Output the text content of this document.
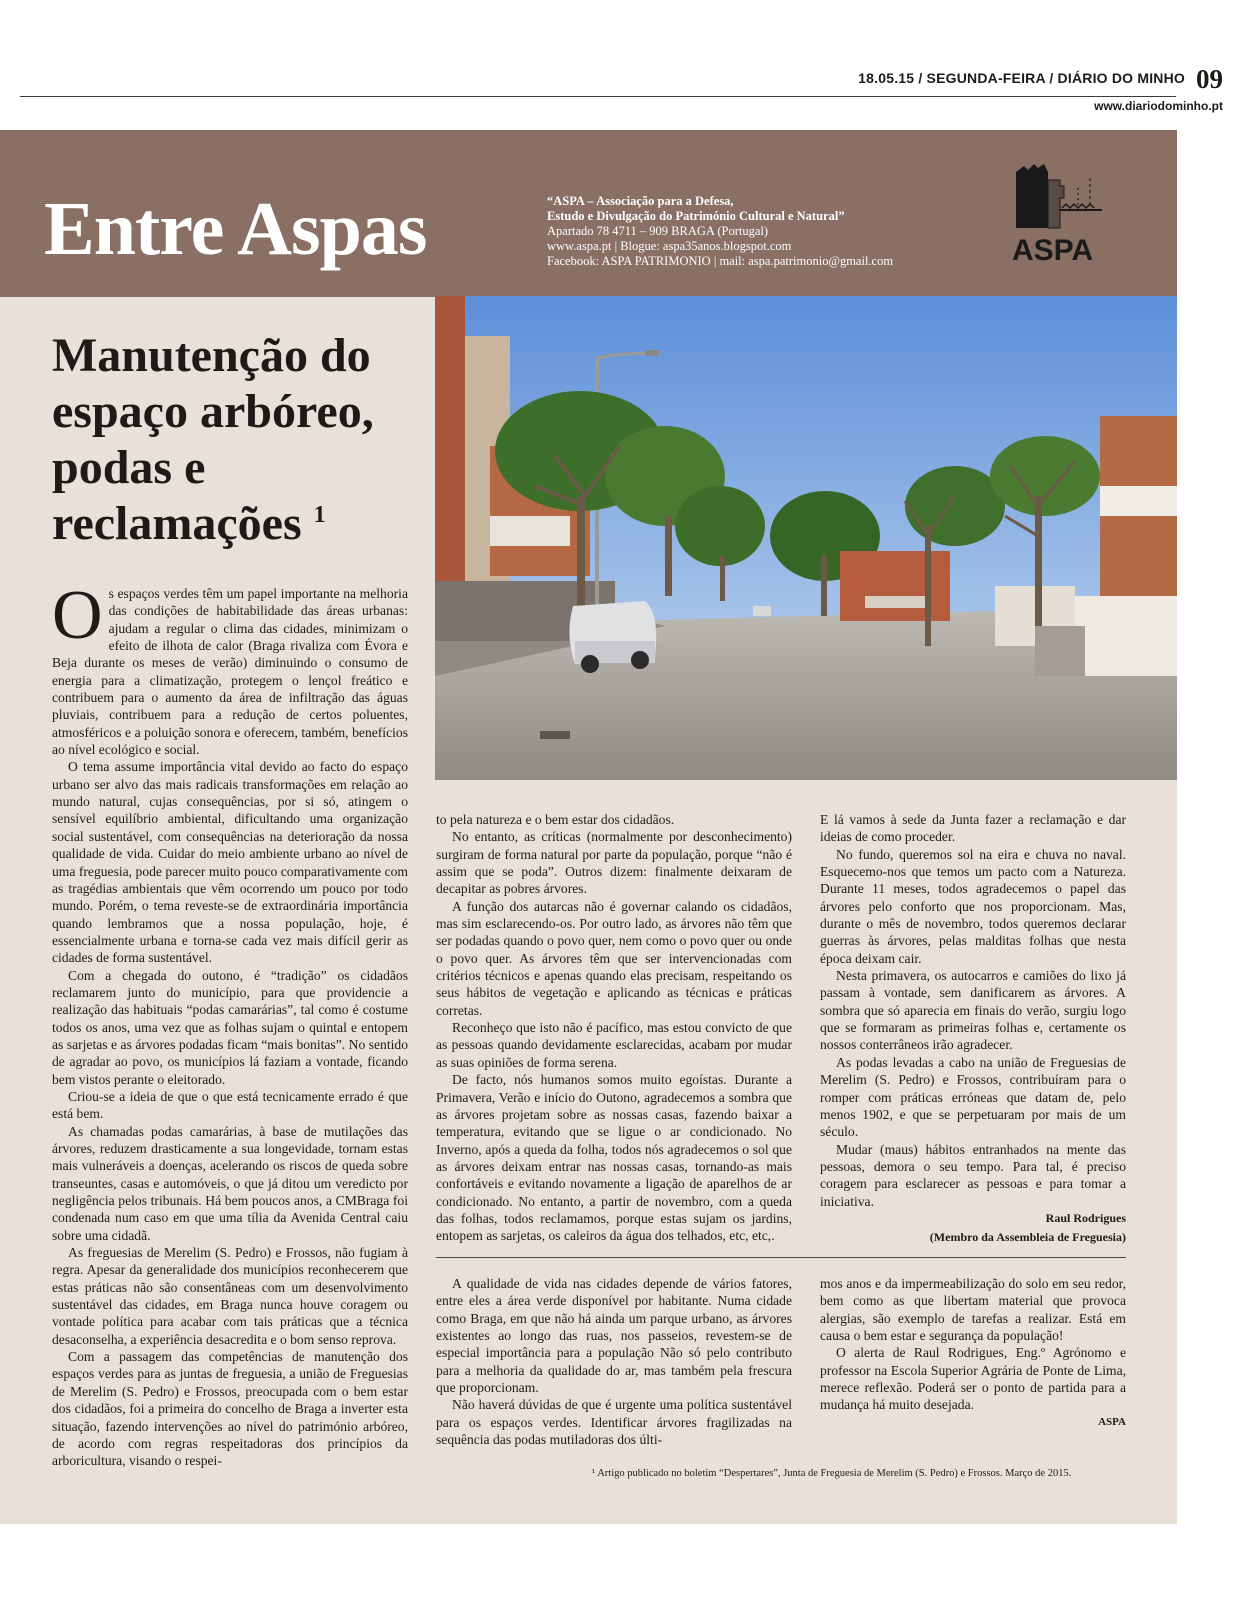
18.05.15 / SEGUNDA-FEIRA / DIÁRIO DO MINHO 09
www.diariodominho.pt
Entre Aspas	“ASPA – Associação para a Defesa,
Estudo e Divulgação do Património Cultural e Natural”
Apartado 78 4711 – 909 BRAGA (Portugal)
www.aspa.pt | Blogue: aspa35anos.blogspot.com
Facebook: ASPA PATRIMONIO | mail: aspa.patrimonio@gmail.com	ASPA
Manutenção do espaço arbóreo, podas e reclamações $^1$

Os espaços verdes têm um papel importante na melhoria das condições de habitabilidade das áreas urbanas: ajudam a regular o clima das cidades, minimizam o efeito de ilhota de calor (Braga rivaliza com Évora e Beja durante os meses de verão) diminuindo o consumo de energia para a climatização, protegem o lençol freático e contribuem para o aumento da área de infiltração das águas pluviais, contribuem para a redução de certos poluentes, atmosféricos e a poluição sonora e oferecem, também, benefícios ao nível ecológico e social.

O tema assume importância vital devido ao facto do espaço urbano ser alvo das mais radicais transformações em relação ao mundo natural, cujas consequências, por si só, atingem o sensível equilíbrio ambiental, dificultando uma organização social sustentável, com consequências na deterioração da nossa qualidade de vida. Cuidar do meio ambiente urbano ao nível de uma freguesia, pode parecer muito pouco comparativamente com as tragédias ambientais que vêm ocorrendo um pouco por todo mundo. Porém, o tema reveste-se de extraordinária importância quando lembramos que a nossa população, hoje, é essencialmente urbana e torna-se cada vez mais difícil gerir as cidades de forma sustentável.

Com a chegada do outono, é “tradição” os cidadãos reclamarem junto do município, para que providencie a realização das habituais “podas camarárias”, tal como é costume todos os anos, uma vez que as folhas sujam o quintal e entopem as sarjetas e as árvores podadas ficam “mais bonitas”. No sentido de agradar ao povo, os municípios lá faziam a vontade, ficando bem vistos perante o eleitorado.

Criou-se a ideia de que o que está tecnicamente errado é que está bem.

As chamadas podas camarárias, à base de mutilações das árvores, reduzem drasticamente a sua longevidade, tornam estas mais vulneráveis a doenças, acelerando os riscos de queda sobre transeuntes, casas e automóveis, o que já ditou um veredicto por negligência pelos tribunais. Há bem poucos anos, a CMBraga foi condenada num caso em que uma tília da Avenida Central caiu sobre uma cidadã.

As freguesias de Merelim (S. Pedro) e Frossos, não fugiam à regra. Apesar da generalidade dos municípios reconhecerem que estas práticas não são consentâneas com um desenvolvimento sustentável das cidades, em Braga nunca houve coragem ou vontade política para acabar com tais práticas que a técnica desaconselha, a experiência desacredita e o bom senso reprova.

Com a passagem das competências de manutenção dos espaços verdes para as juntas de freguesia, a união de Freguesias de Merelim (S. Pedro) e Frossos, preocupada com o bem estar dos cidadãos, foi a primeira do concelho de Braga a inverter esta situação, fazendo intervenções ao nível do património arbóreo, de acordo com regras respeitadoras dos princípios da arboricultura, visando o respei-

to pela natureza e o bem estar dos cidadãos.

No entanto, as críticas (normalmente por desconhecimento) surgiram de forma natural por parte da população, porque “não é assim que se poda”. Outros dizem: finalmente deixaram de decapitar as pobres árvores.

A função dos autarcas não é governar calando os cidadãos, mas sim esclarecendo-os. Por outro lado, as árvores não têm que ser podadas quando o povo quer, nem como o povo quer ou onde o povo quer. As árvores têm que ser intervencionadas com critérios técnicos e apenas quando elas precisam, respeitando os seus hábitos de vegetação e aplicando as técnicas e práticas corretas.

Reconheço que isto não é pacífico, mas estou convicto de que as pessoas quando devidamente esclarecidas, acabam por mudar as suas opiniões de forma serena.

De facto, nós humanos somos muito egoístas. Durante a Primavera, Verão e início do Outono, agradecemos a sombra que as árvores projetam sobre as nossas casas, fazendo baixar a temperatura, evitando que se ligue o ar condicionado. No Inverno, após a queda da folha, todos nós agradecemos o sol que as árvores deixam entrar nas nossas casas, tornando-as mais confortáveis e evitando novamente a ligação de aparelhos de ar condicionado. No entanto, a partir de novembro, com a queda das folhas, todos reclamamos, porque estas sujam os jardins, entopem as sarjetas, os caleiros da água dos telhados, etc, etc,.

E lá vamos à sede da Junta fazer a reclamação e dar ideias de como proceder.

No fundo, queremos sol na eira e chuva no naval. Esquecemo-nos que temos um pacto com a Natureza. Durante 11 meses, todos agradecemos o papel das árvores pelo conforto que nos proporcionam. Mas, durante o mês de novembro, todos queremos declarar guerras às árvores, pelas malditas folhas que nesta época deixam cair.

Nesta primavera, os autocarros e camiões do lixo já passam à vontade, sem danificarem as árvores. A sombra que só aparecia em finais do verão, surgiu logo que se formaram as primeiras folhas e, certamente os nossos conterrâneos irão agradecer.

As podas levadas a cabo na união de Freguesias de Merelim (S. Pedro) e Frossos, contribuíram para o romper com práticas erróneas que datam de, pelo menos 1902, e que se perpetuaram por mais de um século.

Mudar (maus) hábitos entranhados na mente das pessoas, demora o seu tempo. Para tal, é preciso coragem para esclarecer as pessoas e para tomar a iniciativa.

Raul Rodrigues

(Membro da Assembleia de Freguesia)

A qualidade de vida nas cidades depende de vários fatores, entre eles a área verde disponível por habitante. Numa cidade como Braga, em que não há ainda um parque urbano, as árvores existentes ao longo das ruas, nos passeios, revestem-se de especial importância para a população Não só pelo contributo para a melhoria da qualidade do ar, mas também pela frescura que proporcionam.

Não haverá dúvidas de que é urgente uma política sustentável para os espaços verdes. Identificar árvores fragilizadas na sequência das podas mutiladoras dos últi-

mos anos e da impermeabilização do solo em seu redor, bem como as que libertam material que provoca alergias, são exemplo de tarefas a realizar. Está em causa o bem estar e segurança da população!

O alerta de Raul Rodrigues, Eng.º Agrónomo e professor na Escola Superior Agrária de Ponte de Lima, merece reflexão. Poderá ser o ponto de partida para a mudança há muito desejada.

ASPA

¹ Artigo publicado no boletim “Despertares”, Junta de Freguesia de Merelim (S. Pedro) e Frossos. Março de 2015.
